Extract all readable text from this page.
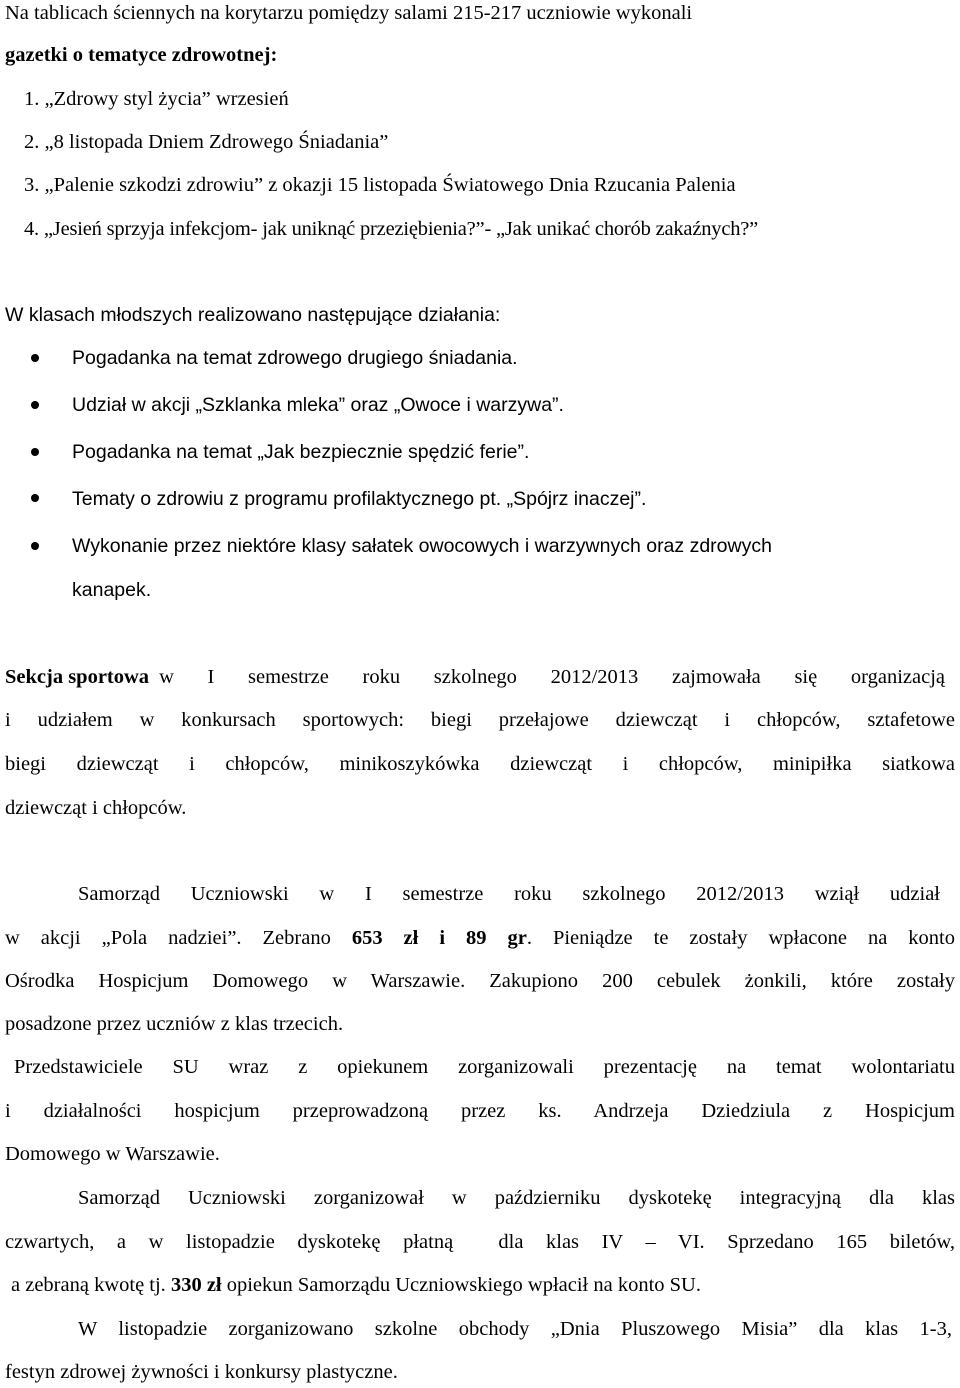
Na tablicach ściennych na korytarzu pomiędzy salami 215-217 uczniowie wykonali
gazetki o tematyce zdrowotnej:
1. „Zdrowy styl życia” wrzesień
2. „8 listopada Dniem Zdrowego Śniadania”
3. „Palenie szkodzi zdrowiu” z okazji 15 listopada Światowego Dnia Rzucania Palenia
4. „Jesień sprzyja infekcjom- jak uniknąć przeziębienia?”- „Jak unikać chorób zakaźnych?”
W klasach młodszych realizowano następujące działania:
Pogadanka na temat zdrowego drugiego śniadania.
Udział w akcji „Szklanka mleka” oraz „Owoce i warzywa”.
Pogadanka na temat „Jak bezpiecznie spędzić ferie”.
Tematy o zdrowiu z programu profilaktycznego pt. „Spójrz inaczej”.
Wykonanie przez niektóre klasy sałatek owocowych i warzywnych oraz zdrowych
kanapek.
Sekcja sportowa w I semestrze roku szkolnego 2012/2013 zajmowała się organizacją
i udziałem w konkursach sportowych: biegi przełajowe dziewcząt i chłopców, sztafetowe
biegi dziewcząt i chłopców, minikoszykówka dziewcząt i chłopców, minipiłka siatkowa
dziewcząt i chłopców.
Samorząd Uczniowski w I semestrze roku szkolnego 2012/2013 wziął udział
w akcji „Pola nadziei”. Zebrano 653 zł i 89 gr. Pieniądze te zostały wpłacone na konto
Ośrodka Hospicjum Domowego w Warszawie. Zakupiono 200 cebulek żonkili, które zostały
posadzone przez uczniów z klas trzecich.
Przedstawiciele SU wraz z opiekunem zorganizowali prezentację na temat wolontariatu
i działalności hospicjum przeprowadzoną przez ks. Andrzeja Dziedziula z Hospicjum
Domowego w Warszawie.
Samorząd Uczniowski zorganizował w październiku dyskotekę integracyjną dla klas
czwartych, a w listopadzie dyskotekę płatną  dla klas IV – VI. Sprzedano 165 biletów,
a zebraną kwotę tj. 330 zł opiekun Samorządu Uczniowskiego wpłacił na konto SU.
W listopadzie zorganizowano szkolne obchody „Dnia Pluszowego Misia” dla klas 1-3,
festyn zdrowej żywności i konkursy plastyczne.
